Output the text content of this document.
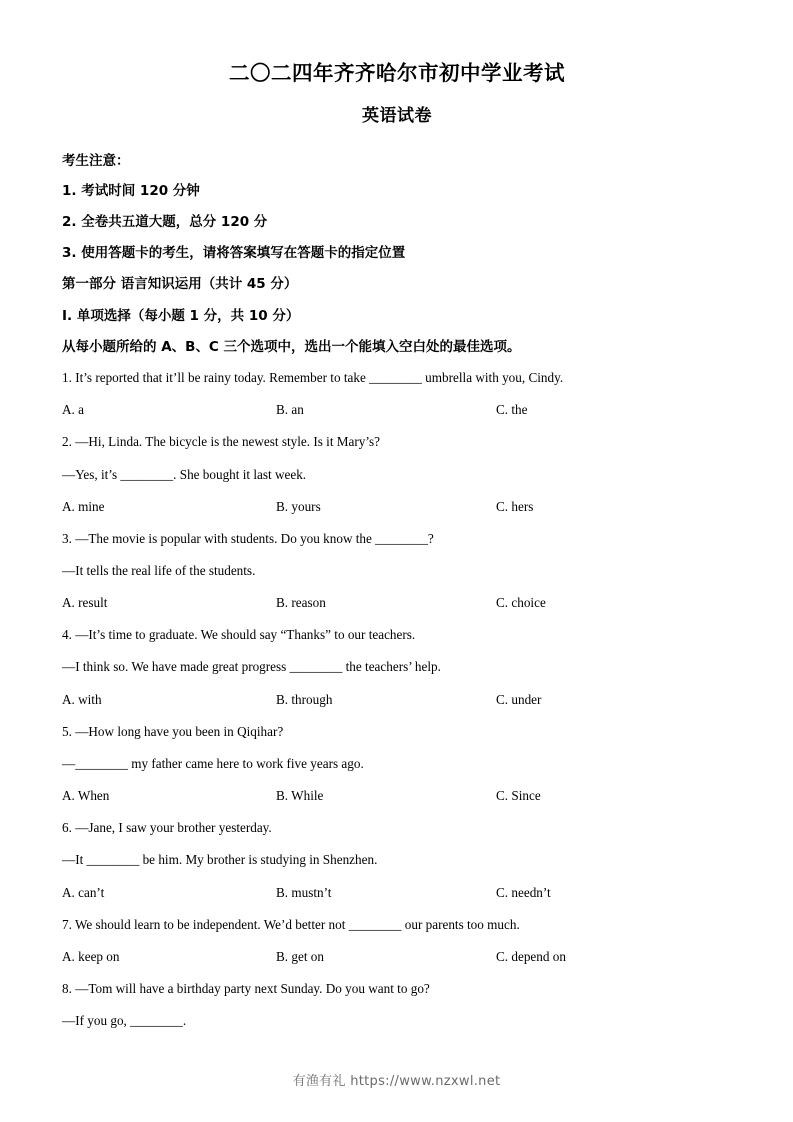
二〇二四年齐齐哈尔市初中学业考试
英语试卷

考生注意：

1. 考试时间 120 分钟

2. 全卷共五道大题，总分 120 分

3. 使用答题卡的考生，请将答案填写在答题卡的指定位置

第一部分 语言知识运用（共计 45 分）

I. 单项选择（每小题 1 分，共 10 分）

从每小题所给的 A、B、C 三个选项中，选出一个能填入空白处的最佳选项。

1. It’s reported that it’ll be rainy today. Remember to take ________ umbrella with you, Cindy.

A. a	B. an	C. the

2. —Hi, Linda. The bicycle is the newest style. Is it Mary’s?

—Yes, it’s ________. She bought it last week.

A. mine	B. yours	C. hers

3. —The movie is popular with students. Do you know the ________?

—It tells the real life of the students.

A. result	B. reason	C. choice

4. —It’s time to graduate. We should say “Thanks” to our teachers.

—I think so. We have made great progress ________ the teachers’ help.

A. with	B. through	C. under

5. —How long have you been in Qiqihar?

—________ my father came here to work five years ago.

A. When	B. While	C. Since

6. —Jane, I saw your brother yesterday.

—It ________ be him. My brother is studying in Shenzhen.

A. can’t	B. mustn’t	C. needn’t

7. We should learn to be independent. We’d better not ________ our parents too much.

A. keep on	B. get on	C. depend on

8. —Tom will have a birthday party next Sunday. Do you want to go?

—If you go, ________.

有渔有礼 https://www.nzxwl.net
